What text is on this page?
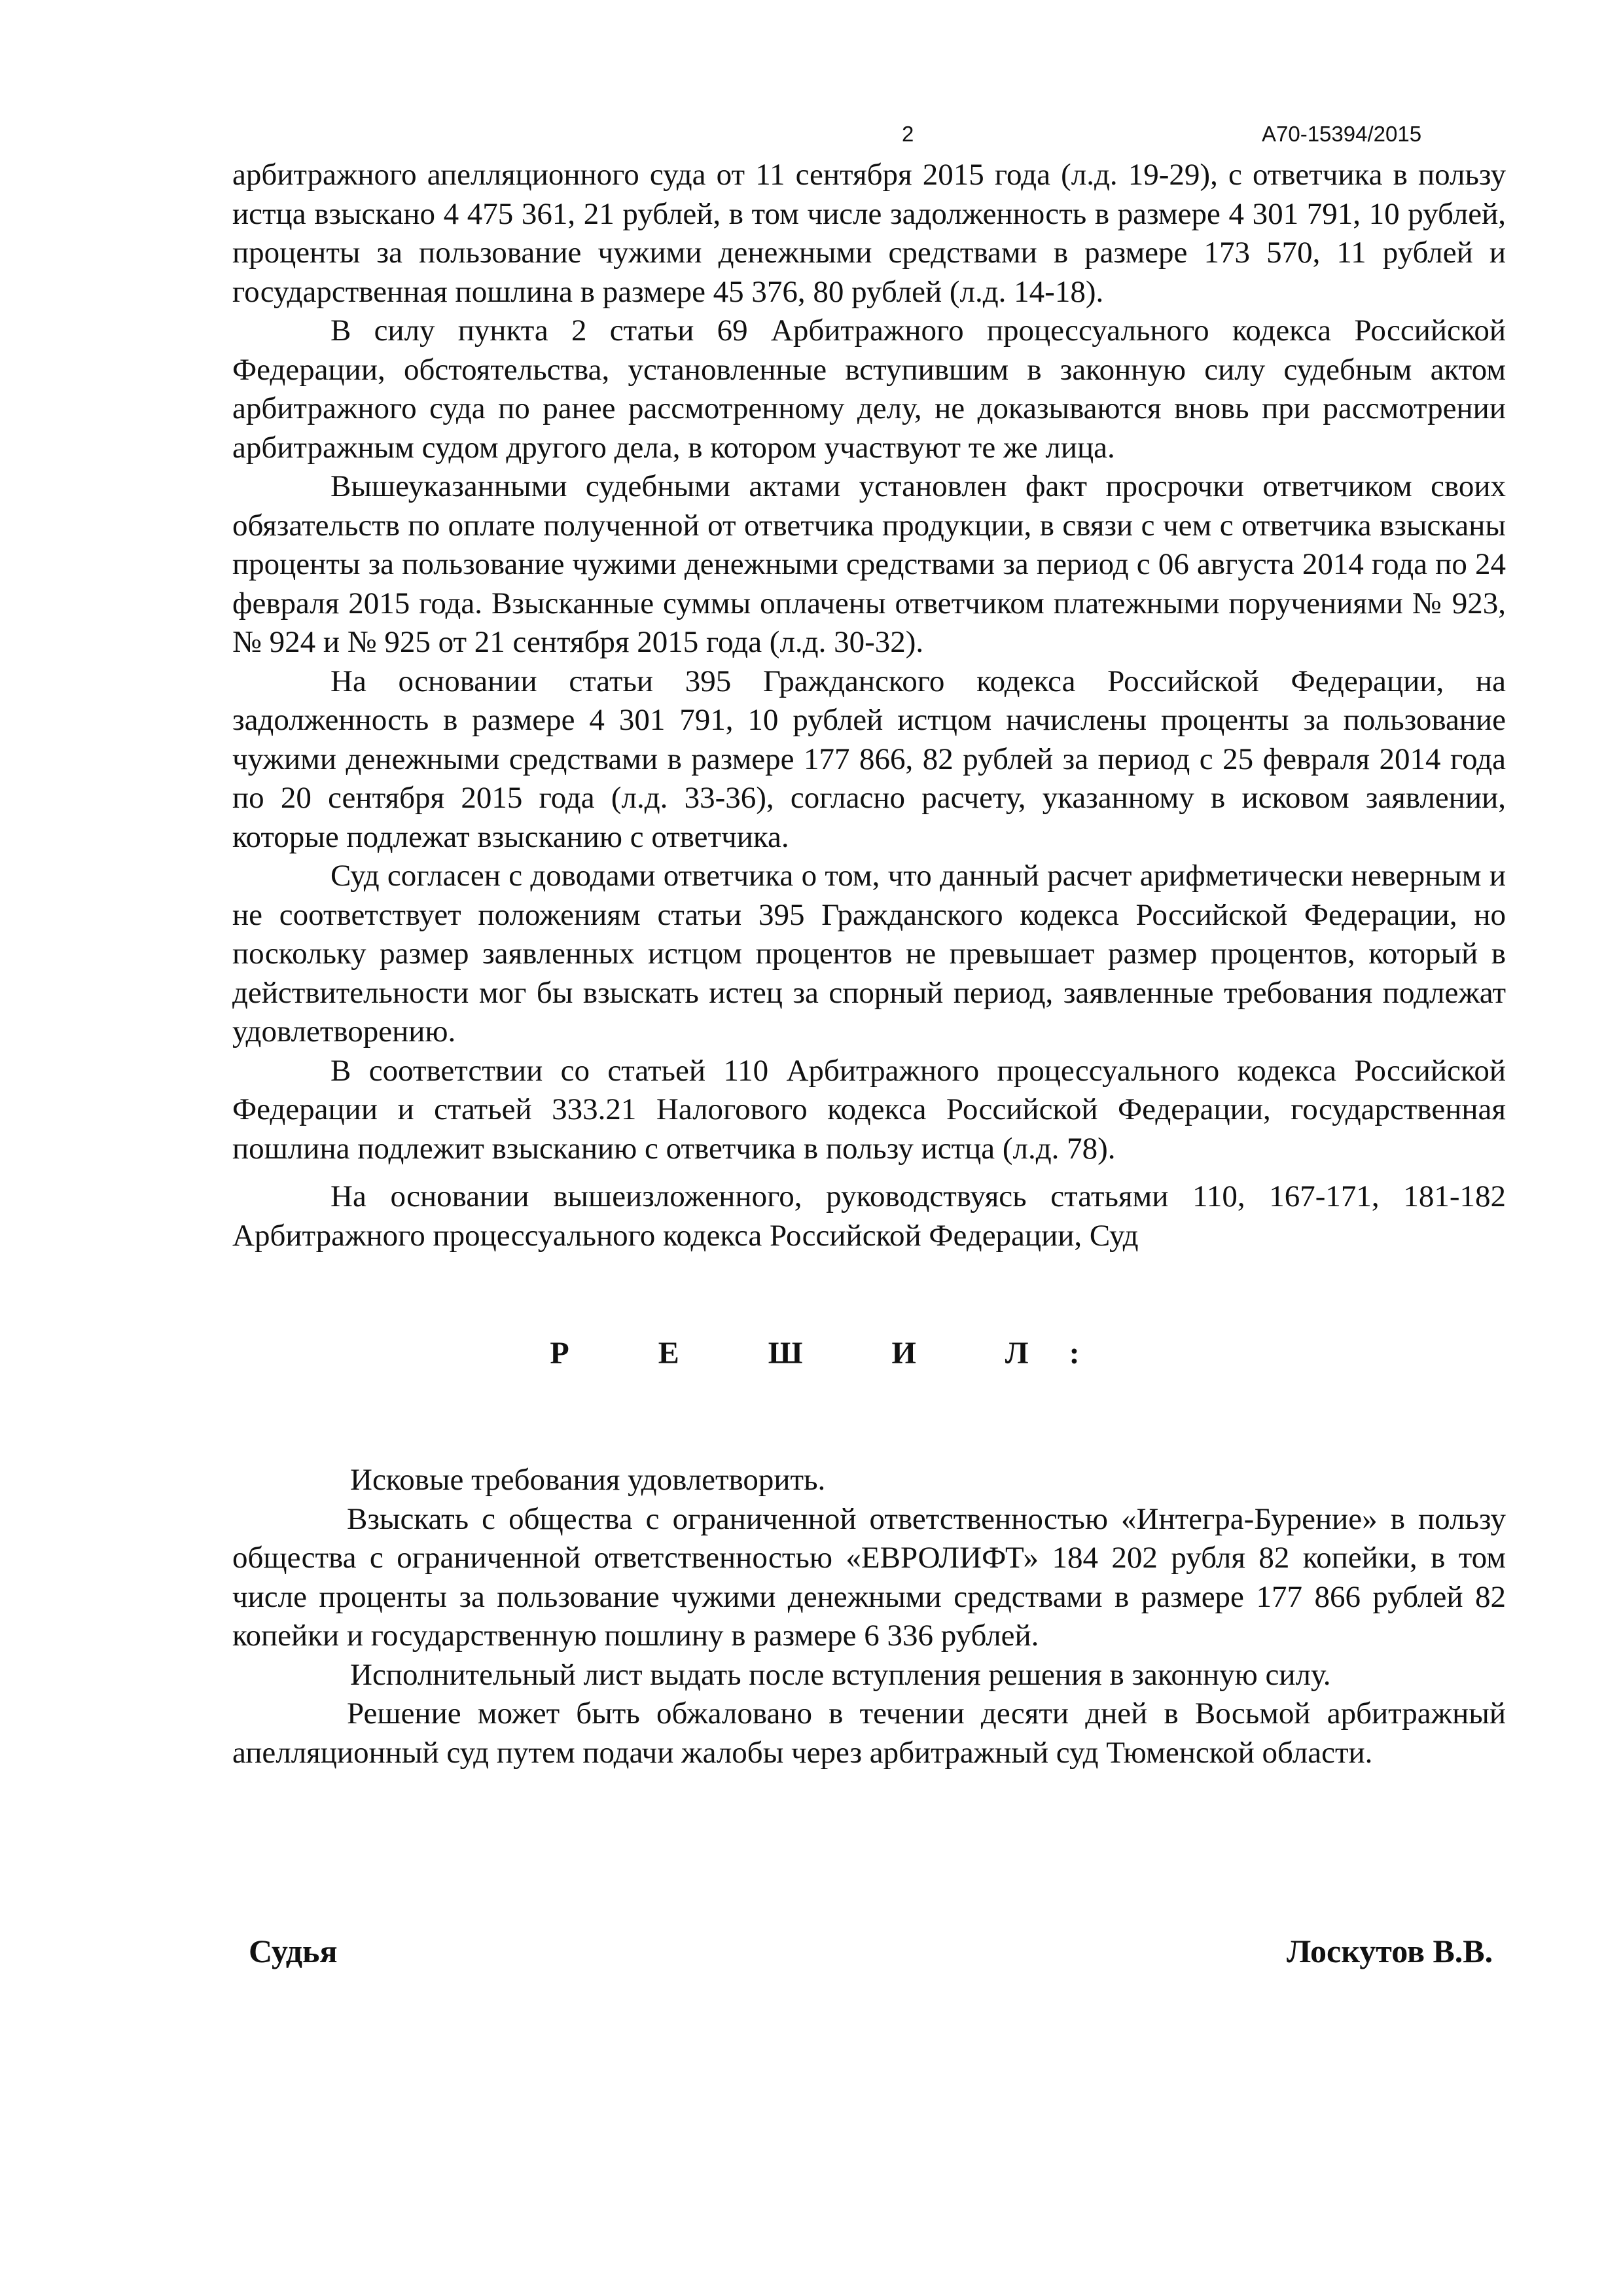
2	А70-15394/2015

арбитражного апелляционного суда от 11 сентября 2015 года (л.д. 19-29), с ответчика в пользу истца взыскано 4 475 361, 21 рублей, в том числе задолженность в размере 4 301 791, 10 рублей, проценты за пользование чужими денежными средствами в размере 173 570, 11 рублей и государственная пошлина в размере 45 376, 80 рублей (л.д. 14-18).

В силу пункта 2 статьи 69 Арбитражного процессуального кодекса Российской Федерации, обстоятельства, установленные вступившим в законную силу судебным актом арбитражного суда по ранее рассмотренному делу, не доказываются вновь при рассмотрении арбитражным судом другого дела, в котором участвуют те же лица.

Вышеуказанными судебными актами установлен факт просрочки ответчиком своих обязательств по оплате полученной от ответчика продукции, в связи с чем с ответчика взысканы проценты за пользование чужими денежными средствами за период с 06 августа 2014 года по 24 февраля 2015 года. Взысканные суммы оплачены ответчиком платежными поручениями № 923, № 924 и № 925 от 21 сентября 2015 года (л.д. 30-32).

На основании статьи 395 Гражданского кодекса Российской Федерации, на задолженность в размере 4 301 791, 10 рублей истцом начислены проценты за пользование чужими денежными средствами в размере 177 866, 82 рублей за период с 25 февраля 2014 года по 20 сентября 2015 года (л.д. 33-36), согласно расчету, указанному в исковом заявлении, которые подлежат взысканию с ответчика.

Суд согласен с доводами ответчика о том, что данный расчет арифметически неверным и не соответствует положениям статьи 395 Гражданского кодекса Российской Федерации, но поскольку размер заявленных истцом процентов не превышает размер процентов, который в действительности мог бы взыскать истец за спорный период, заявленные требования подлежат удовлетворению.

В соответствии со статьей 110 Арбитражного процессуального кодекса Российской Федерации и статьей 333.21 Налогового кодекса Российской Федерации, государственная пошлина подлежит взысканию с ответчика в пользу истца (л.д. 78).

На основании вышеизложенного, руководствуясь статьями 110, 167-171, 181-182 Арбитражного процессуального кодекса Российской Федерации, Суд

Р Е Ш И Л:

Исковые требования удовлетворить.

Взыскать с общества с ограниченной ответственностью «Интегра-Бурение» в пользу общества с ограниченной ответственностью «ЕВРОЛИФТ» 184 202 рубля 82 копейки, в том числе проценты за пользование чужими денежными средствами в размере 177 866 рублей 82 копейки и государственную пошлину в размере 6 336 рублей.

Исполнительный лист выдать после вступления решения в законную силу.

Решение может быть обжаловано в течении десяти дней в Восьмой арбитражный апелляционный суд путем подачи жалобы через арбитражный суд Тюменской области.

Судья	Лоскутов В.В.
